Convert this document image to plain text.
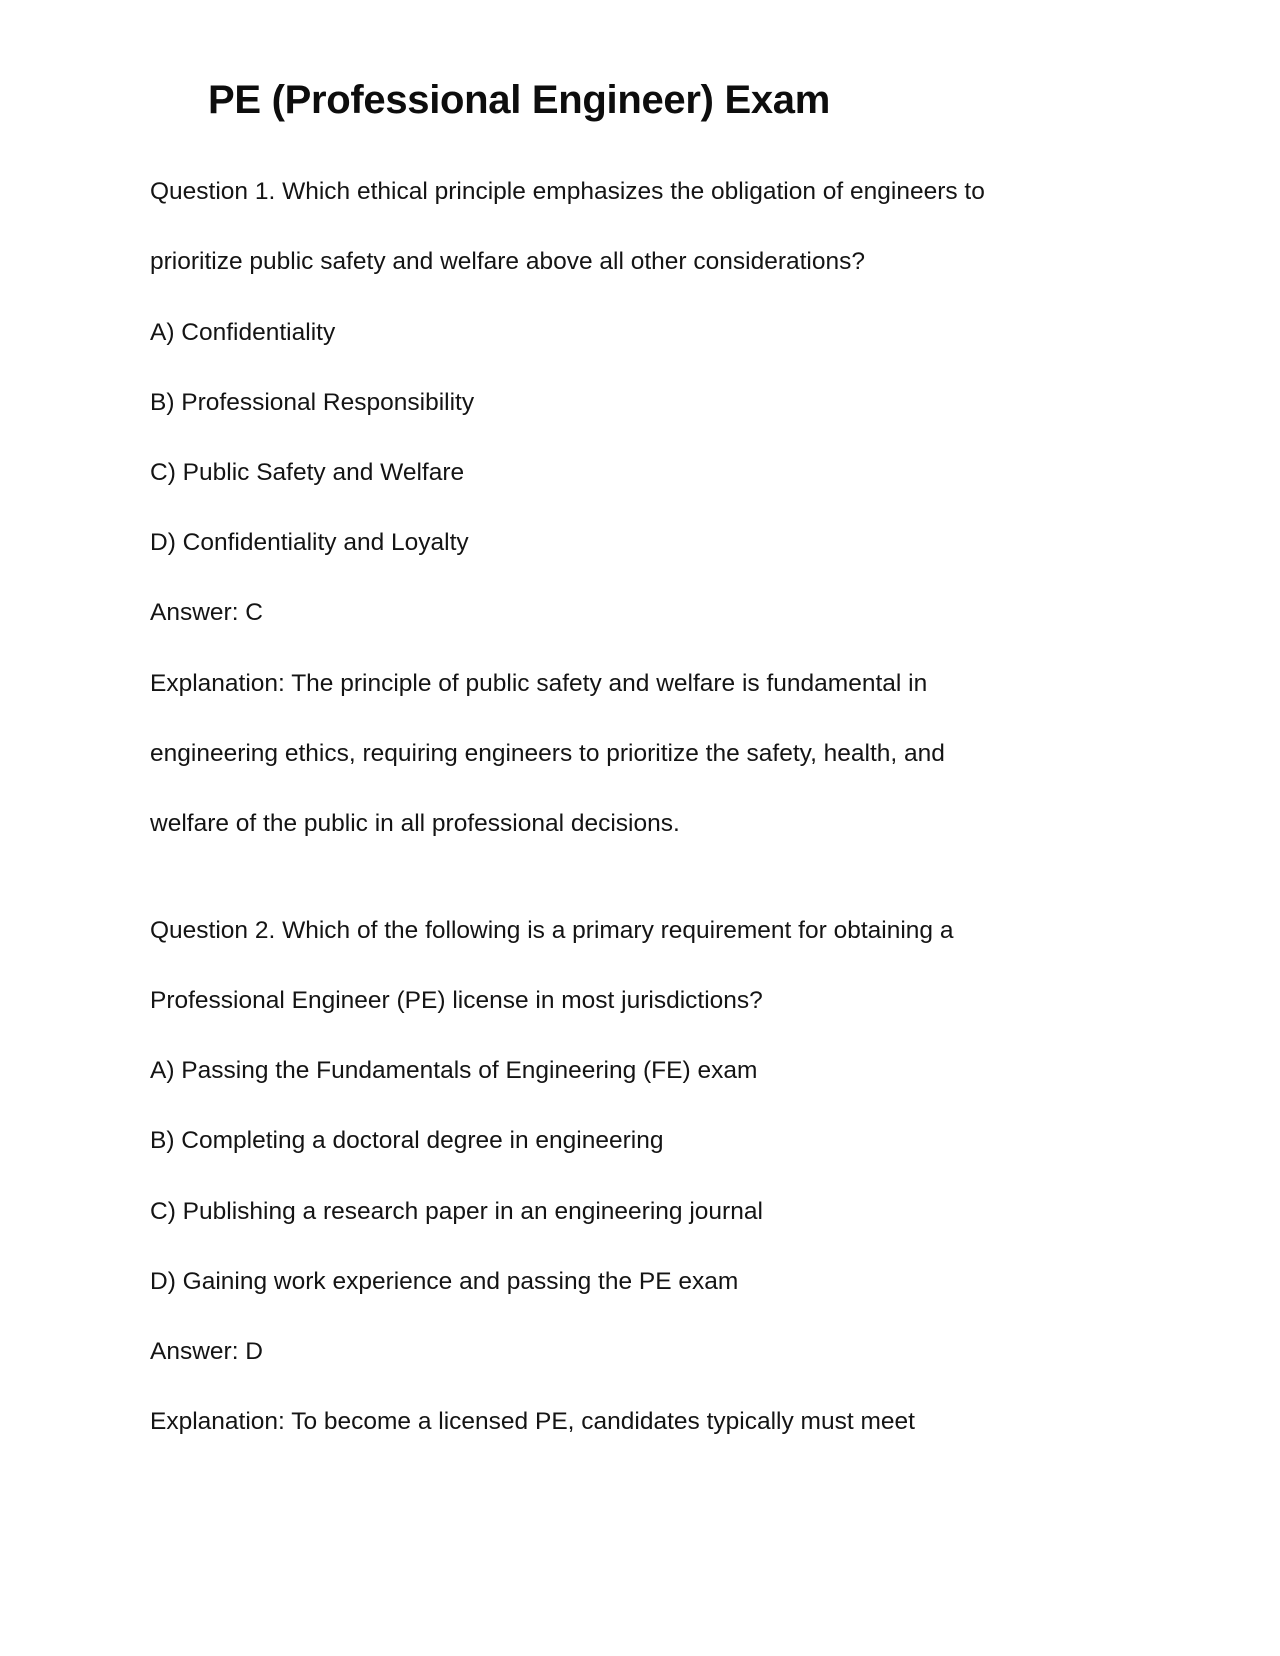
PE (Professional Engineer) Exam

Question 1. Which ethical principle emphasizes the obligation of engineers to

prioritize public safety and welfare above all other considerations?

A) Confidentiality

B) Professional Responsibility

C) Public Safety and Welfare

D) Confidentiality and Loyalty

Answer: C

Explanation: The principle of public safety and welfare is fundamental in

engineering ethics, requiring engineers to prioritize the safety, health, and

welfare of the public in all professional decisions.

Question 2. Which of the following is a primary requirement for obtaining a

Professional Engineer (PE) license in most jurisdictions?

A) Passing the Fundamentals of Engineering (FE) exam

B) Completing a doctoral degree in engineering

C) Publishing a research paper in an engineering journal

D) Gaining work experience and passing the PE exam

Answer: D

Explanation: To become a licensed PE, candidates typically must meet
